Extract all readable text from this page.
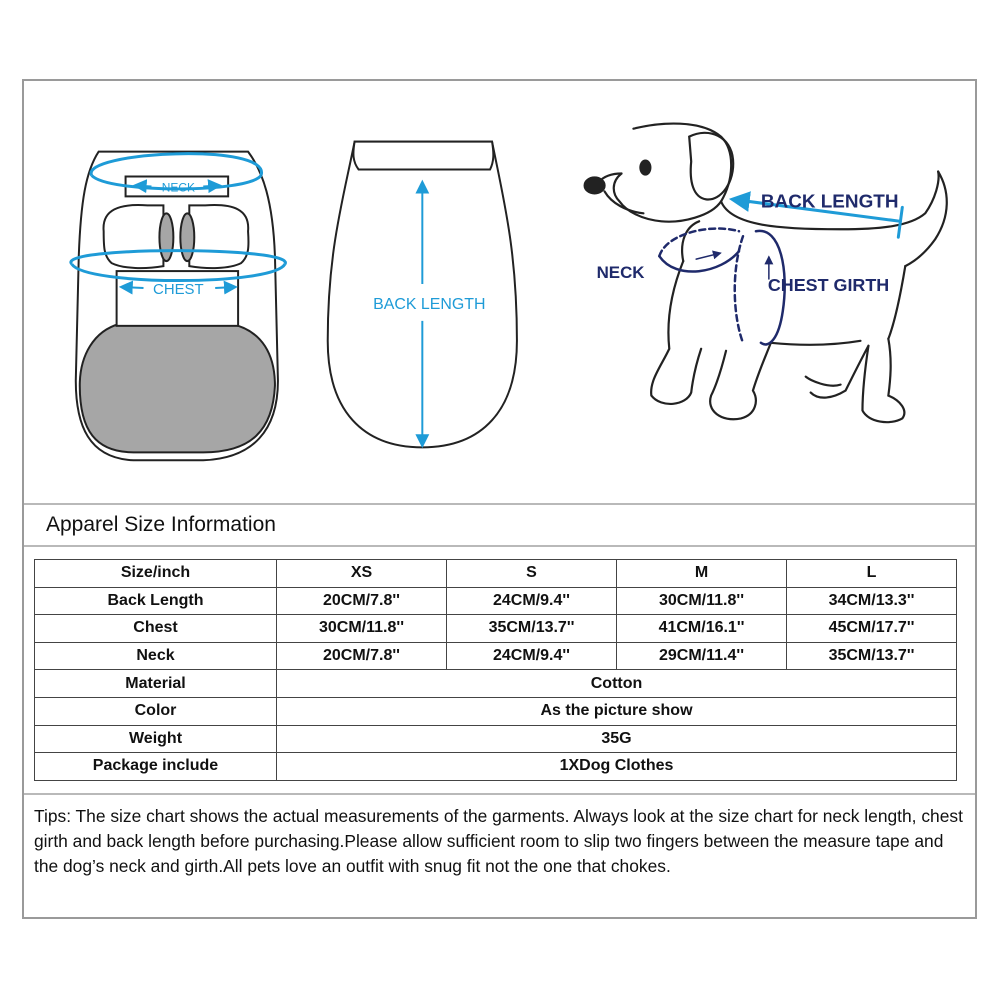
NECK
CHEST
BACK LENGTH
BACK LENGTH
NECK
CHEST GIRTH
Apparel Size Information
Size/inch	XS	S	M	L
Back Length	20CM/7.8''	24CM/9.4''	30CM/11.8''	34CM/13.3''
Chest	30CM/11.8''	35CM/13.7''	41CM/16.1''	45CM/17.7''
Neck	20CM/7.8''	24CM/9.4''	29CM/11.4''	35CM/13.7''
Material	Cotton			
Color	As the picture show			
Weight	35G			
Package include	1XDog Clothes			
Tips: The size chart shows the actual measurements of the garments. Always look at the size chart for neck length, chest girth and back length before purchasing.Please allow sufficient room to slip two fingers between the measure tape and the dog’s neck and girth.All pets love an outfit with snug fit not the one that chokes.
